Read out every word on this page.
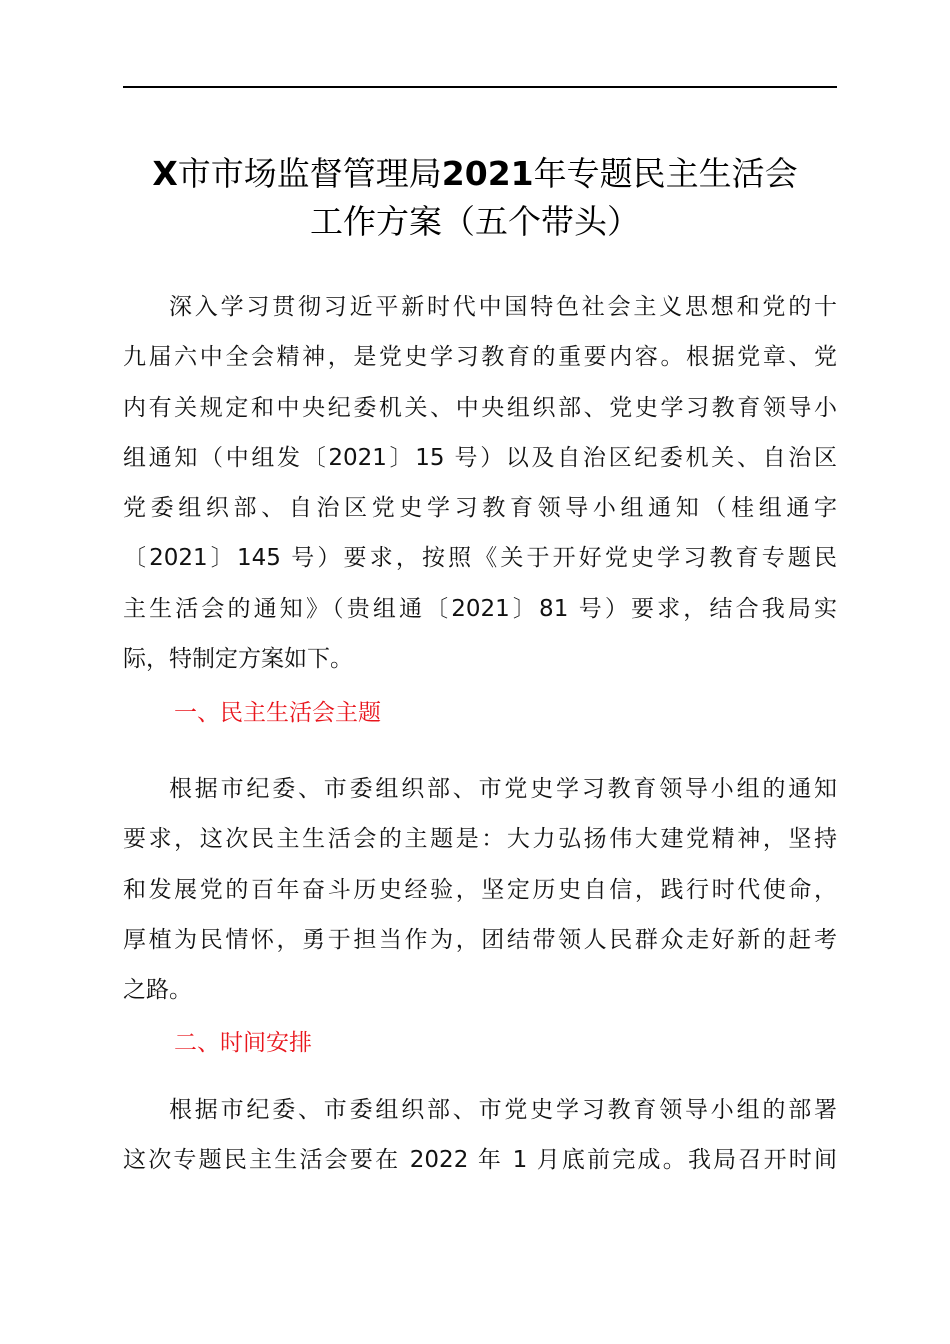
X市市场监督管理局2021年专题民主生活会
工作方案（五个带头）
深入学习贯彻习近平新时代中国特色社会主义思想和党的十
九届六中全会精神，是党史学习教育的重要内容。根据党章、党
内有关规定和中央纪委机关、中央组织部、党史学习教育领导小
组通知（中组发〔2021〕15 号）以及自治区纪委机关、自治区
党委组织部、自治区党史学习教育领导小组通知（桂组通字
〔2021〕145 号）要求，按照《关于开好党史学习教育专题民
主生活会的通知》（贵组通〔2021〕81 号）要求，结合我局实
际，特制定方案如下。
一、民主生活会主题
根据市纪委、市委组织部、市党史学习教育领导小组的通知
要求，这次民主生活会的主题是：大力弘扬伟大建党精神，坚持
和发展党的百年奋斗历史经验，坚定历史自信，践行时代使命，
厚植为民情怀，勇于担当作为，团结带领人民群众走好新的赶考
之路。
二、时间安排
根据市纪委、市委组织部、市党史学习教育领导小组的部署
这次专题民主生活会要在 2022 年 1 月底前完成。我局召开时间
